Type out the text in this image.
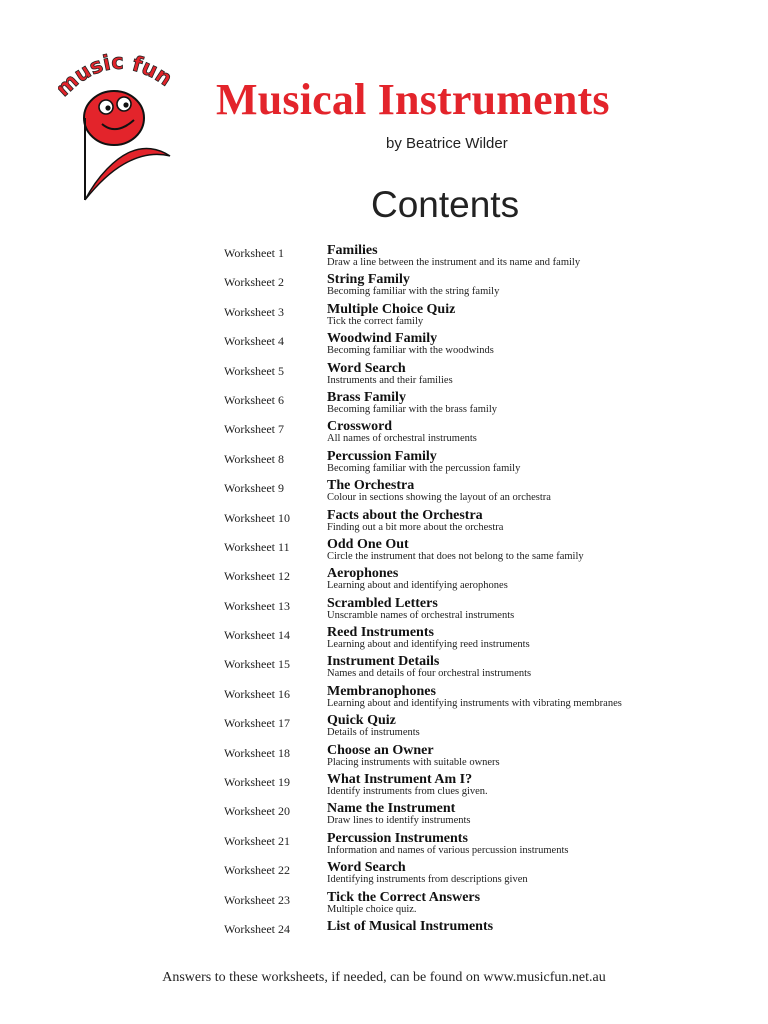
usic fun Musical Instruments

by Beatrice Wilder

Contents
Worksheet 1	Families
Draw a line between the instrument and its name and family
Worksheet 2	String Family
Becoming familiar with the string family
Worksheet 3	Multiple Choice Quiz
Tick the correct family
Worksheet 4	Woodwind Family
Becoming familiar with the woodwinds
Worksheet 5	Word Search
Instruments and their families
Worksheet 6	Brass Family
Becoming familiar with the brass family
Worksheet 7	Crossword
All names of orchestral instruments
Worksheet 8	Percussion Family
Becoming familiar with the percussion family
Worksheet 9	The Orchestra
Colour in sections showing the layout of an orchestra
Worksheet 10	Facts about the Orchestra
Finding out a bit more about the orchestra
Worksheet 11	Odd One Out
Circle the instrument that does not belong to the same family
Worksheet 12	Aerophones
Learning about and identifying aerophones
Worksheet 13	Scrambled Letters
Unscramble names of orchestral instruments
Worksheet 14	Reed Instruments
Learning about and identifying reed instruments
Worksheet 15	Instrument Details
Names and details of four orchestral instruments
Worksheet 16	Membranophones
Learning about and identifying instruments with vibrating membranes
Worksheet 17	Quick Quiz
Details of instruments
Worksheet 18	Choose an Owner
Placing instruments with suitable owners
Worksheet 19	What Instrument Am I?
Identify instruments from clues given.
Worksheet 20	Name the Instrument
Draw lines to identify instruments
Worksheet 21	Percussion Instruments
Information and names of various percussion instruments
Worksheet 22	Word Search
Identifying instruments from descriptions given
Worksheet 23	Tick the Correct Answers
Multiple choice quiz.
Worksheet 24	List of Musical Instruments

Answers to these worksheets, if needed, can be found on www.musicfun.net.au
